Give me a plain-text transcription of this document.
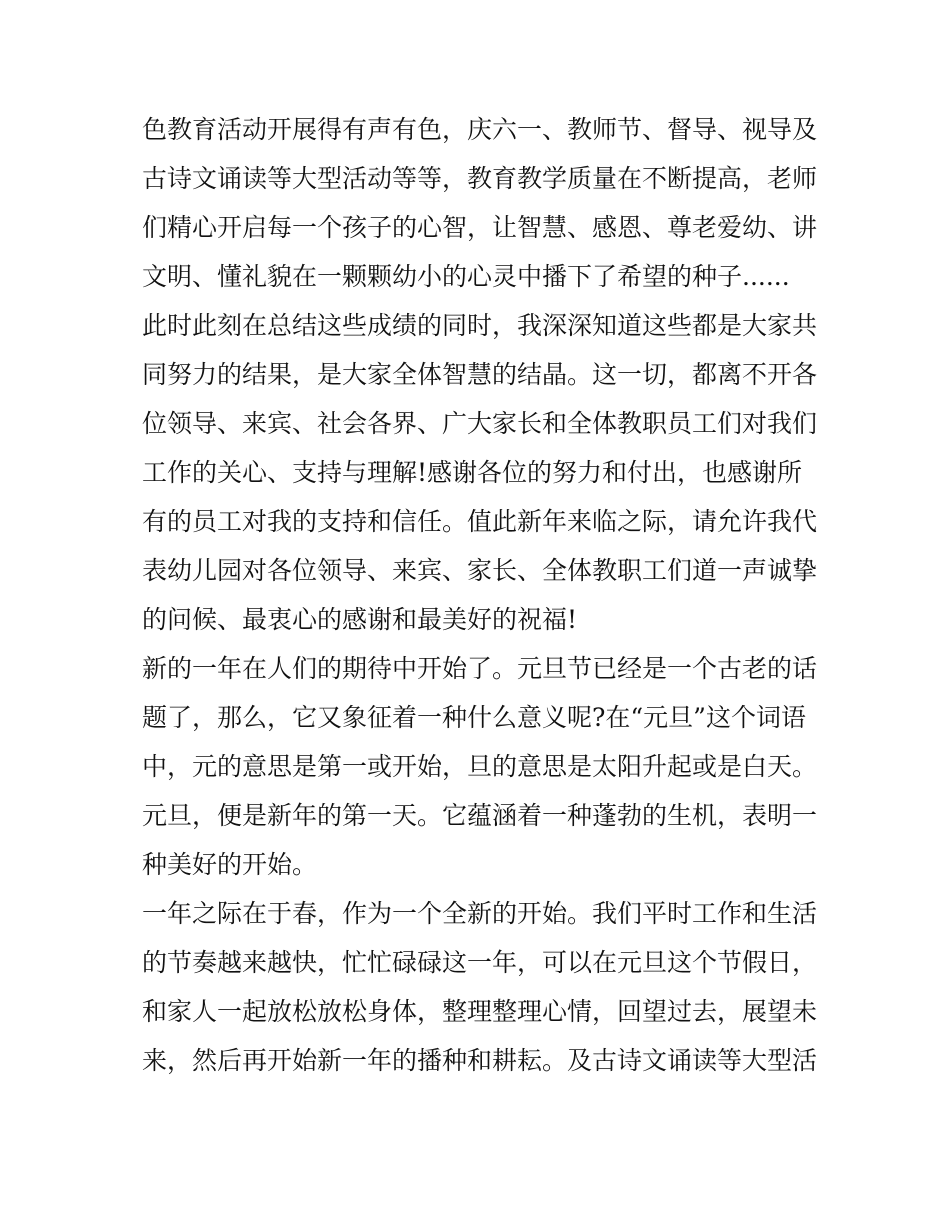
色教育活动开展得有声有色，庆六一、教师节、督导、视导及
古诗文诵读等大型活动等等，教育教学质量在不断提高，老师
们精心开启每一个孩子的心智，让智慧、感恩、尊老爱幼、讲
文明、懂礼貌在一颗颗幼小的心灵中播下了希望的种子......
此时此刻在总结这些成绩的同时，我深深知道这些都是大家共
同努力的结果，是大家全体智慧的结晶。这一切，都离不开各
位领导、来宾、社会各界、广大家长和全体教职员工们对我们
工作的关心、支持与理解!感谢各位的努力和付出，也感谢所
有的员工对我的支持和信任。值此新年来临之际，请允许我代
表幼儿园对各位领导、来宾、家长、全体教职工们道一声诚挚
的问候、最衷心的感谢和最美好的祝福!
新的一年在人们的期待中开始了。元旦节已经是一个古老的话
题了，那么，它又象征着一种什么意义呢?在“元旦”这个词语
中，元的意思是第一或开始，旦的意思是太阳升起或是白天。
元旦，便是新年的第一天。它蕴涵着一种蓬勃的生机，表明一
种美好的开始。
一年之际在于春，作为一个全新的开始。我们平时工作和生活
的节奏越来越快，忙忙碌碌这一年，可以在元旦这个节假日，
和家人一起放松放松身体，整理整理心情，回望过去，展望未
来，然后再开始新一年的播种和耕耘。及古诗文诵读等大型活
